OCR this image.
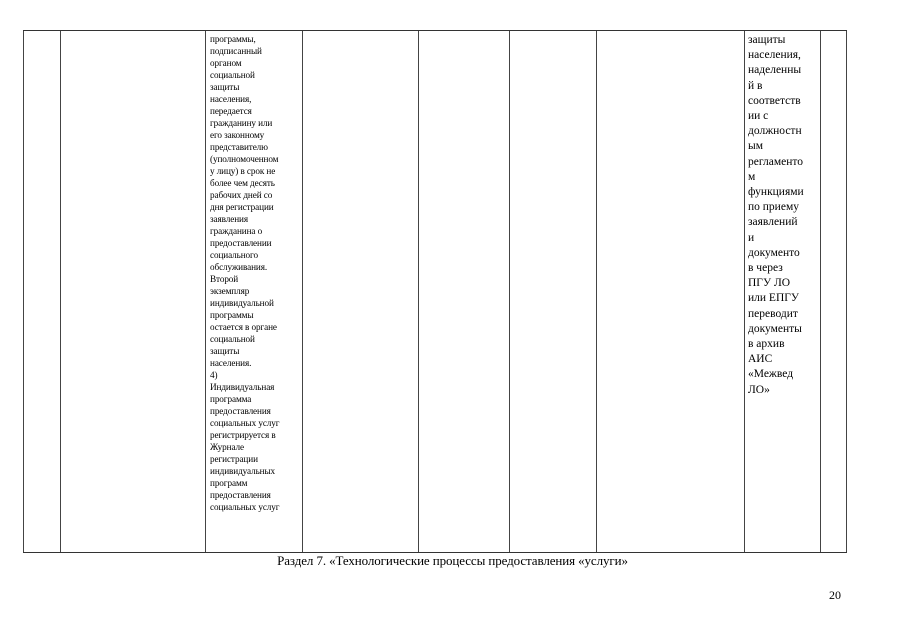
программы,
подписанный
органом
социальной
защиты
населения,
передается
гражданину или
его законному
представителю
(уполномоченном
у лицу) в срок не
более чем десять
рабочих дней со
дня регистрации
заявления
гражданина о
предоставлении
социального
обслуживания.
Второй
экземпляр
индивидуальной
программы
остается в органе
социальной
защиты
населения.
4)
Индивидуальная
программа
предоставления
социальных услуг
регистрируется в
Журнале
регистрации
индивидуальных
программ
предоставления
социальных услуг
защиты
населения,
наделенны
й в
соответств
ии с
должностн
ым
регламенто
м
функциями
по приему
заявлений
и
документо
в через
ПГУ ЛО
или ЕПГУ
переводит
документы
в архив
АИС
«Межвед
ЛО»
Раздел 7. «Технологические процессы предоставления «услуги»
20
